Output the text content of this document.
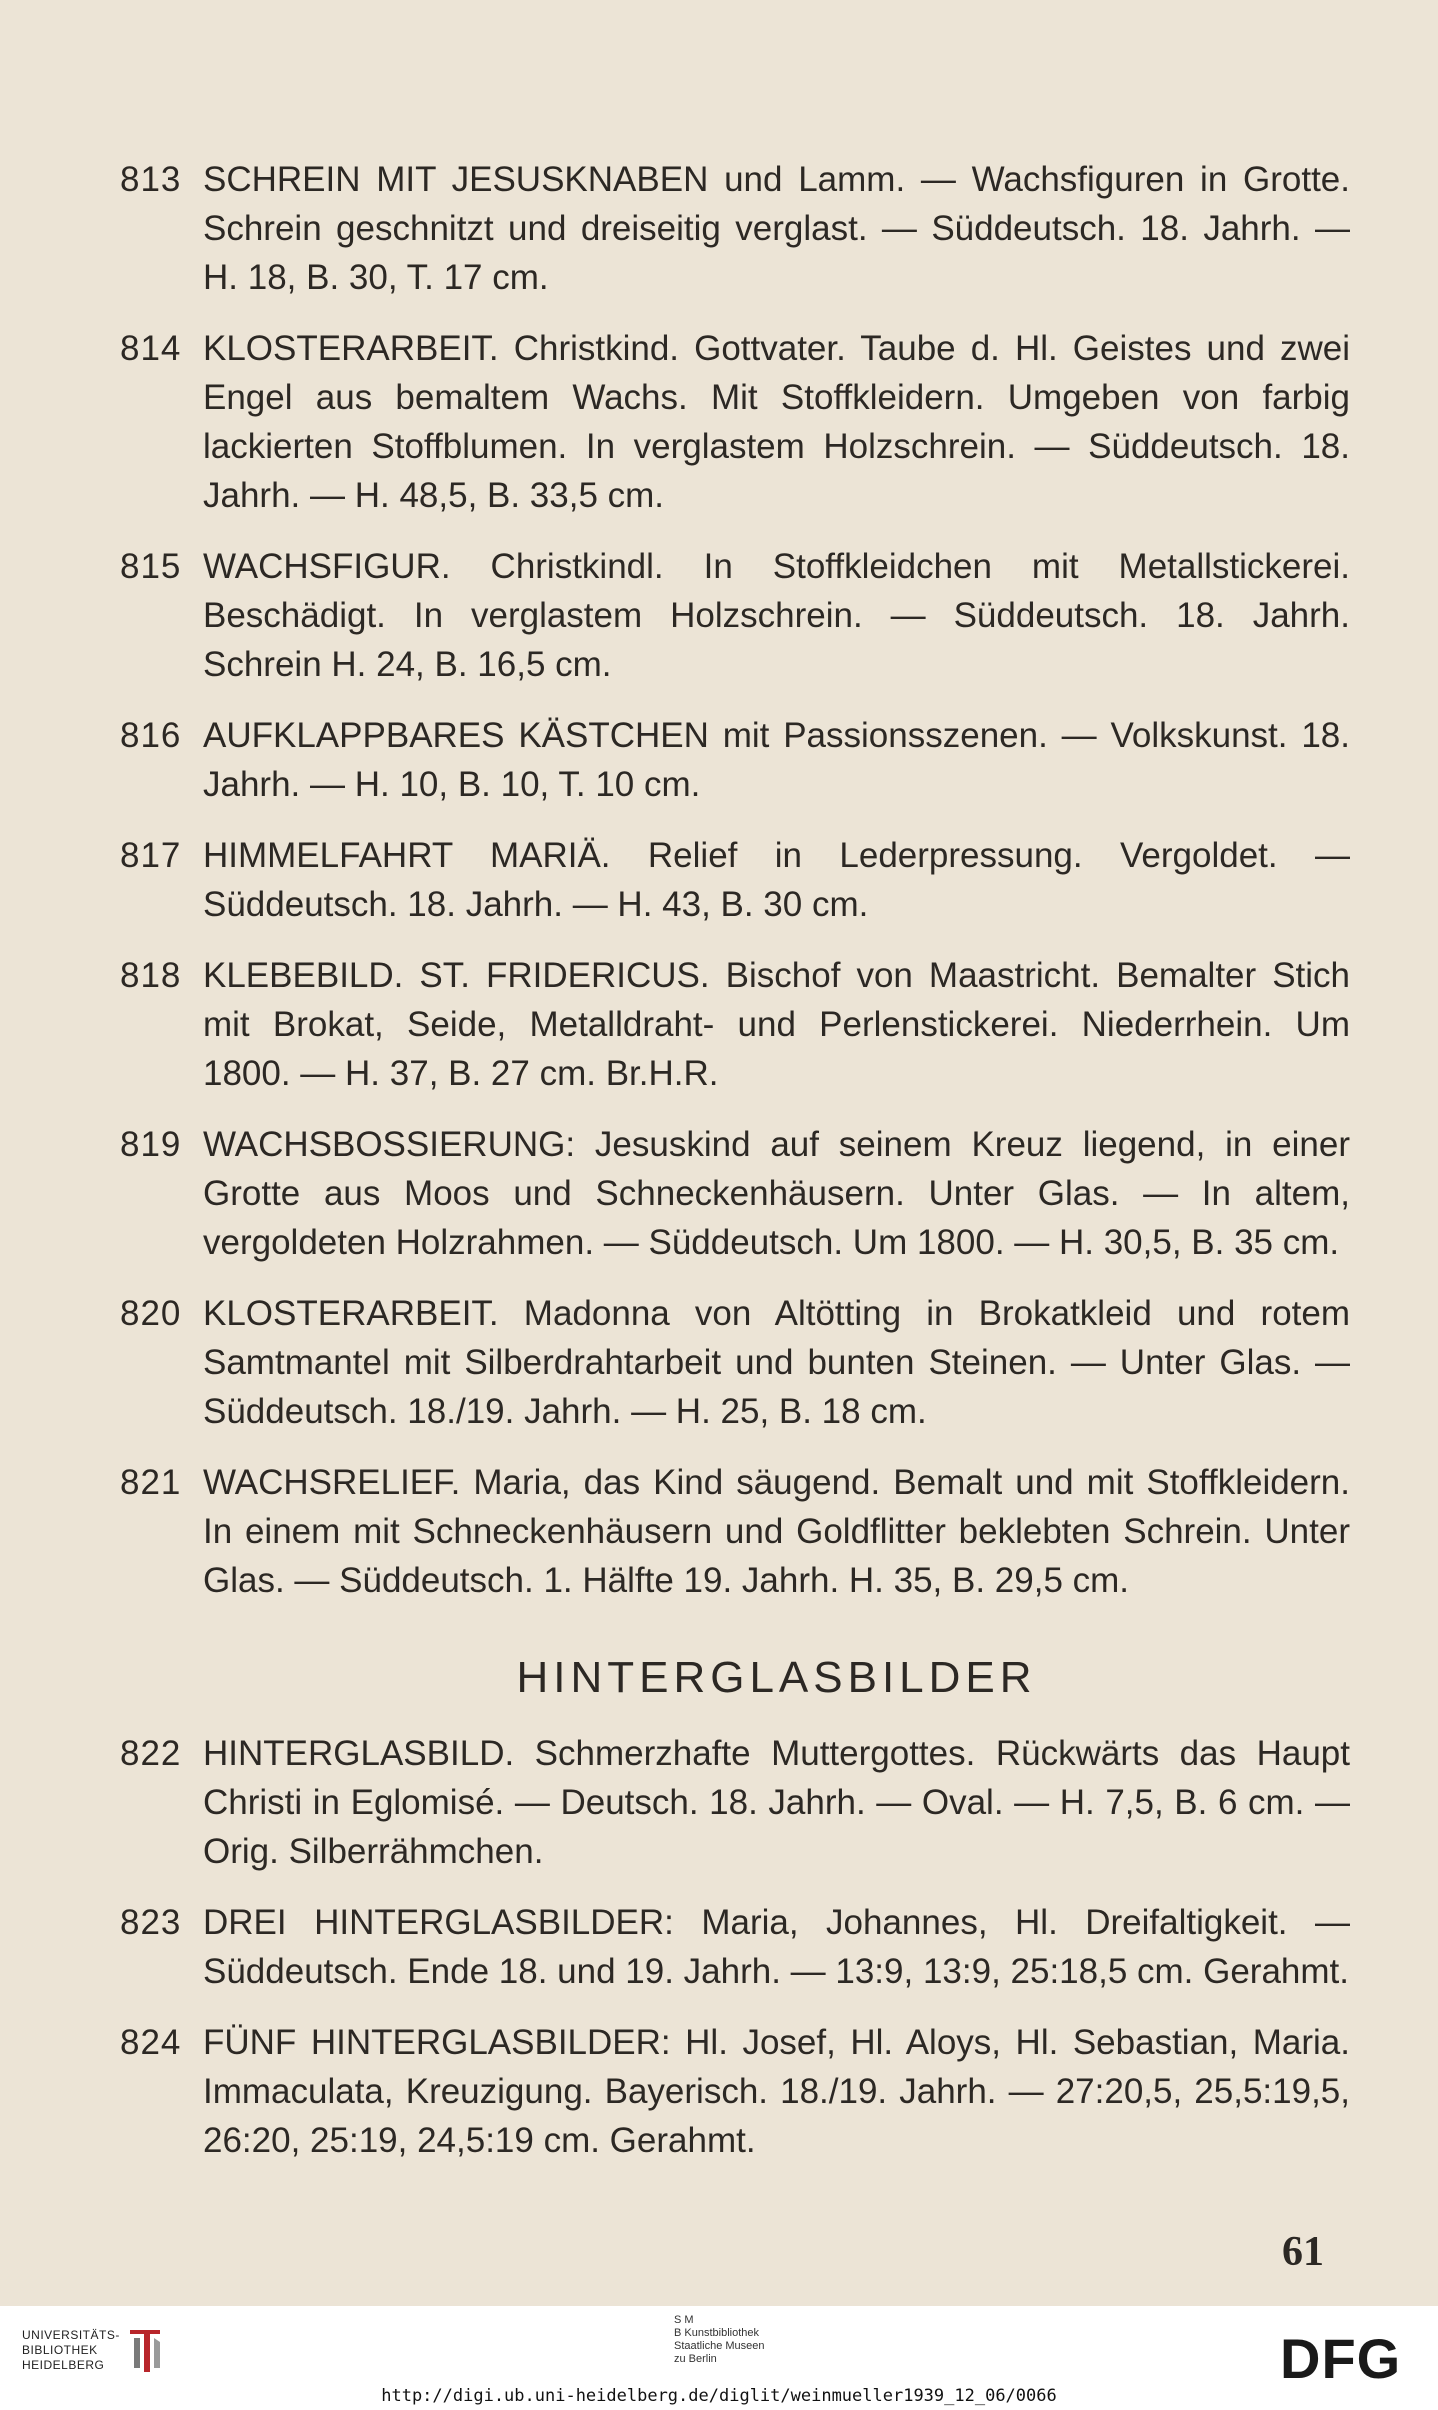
813 SCHREIN MIT JESUSKNABEN und Lamm. — Wachsfiguren in Grotte. Schrein geschnitzt und dreiseitig verglast. — Süddeutsch. 18. Jahrh. — H. 18, B. 30, T. 17 cm.
814 KLOSTERARBEIT. Christkind. Gottvater. Taube d. Hl. Geistes und zwei Engel aus bemaltem Wachs. Mit Stoffkleidern. Umgeben von farbig lackierten Stoffblumen. In verglastem Holzschrein. — Süddeutsch. 18. Jahrh. — H. 48,5, B. 33,5 cm.
815 WACHSFIGUR. Christkindl. In Stoffkleidchen mit Metallstickerei. Beschädigt. In verglastem Holzschrein. — Süddeutsch. 18. Jahrh. Schrein H. 24, B. 16,5 cm.
816 AUFKLAPPBARES KÄSTCHEN mit Passionsszenen. — Volkskunst. 18. Jahrh. — H. 10, B. 10, T. 10 cm.
817 HIMMELFAHRT MARIÄ. Relief in Lederpressung. Vergoldet. — Süddeutsch. 18. Jahrh. — H. 43, B. 30 cm.
818 KLEBEBILD. ST. FRIDERICUS. Bischof von Maastricht. Bemalter Stich mit Brokat, Seide, Metalldraht- und Perlenstickerei. Niederrhein. Um 1800. — H. 37, B. 27 cm. Br.H.R.
819 WACHSBOSSIERUNG: Jesuskind auf seinem Kreuz liegend, in einer Grotte aus Moos und Schneckenhäusern. Unter Glas. — In altem, vergoldeten Holzrahmen. — Süddeutsch. Um 1800. — H. 30,5, B. 35 cm.
820 KLOSTERARBEIT. Madonna von Altötting in Brokatkleid und rotem Samtmantel mit Silberdrahtarbeit und bunten Steinen. — Unter Glas. — Süddeutsch. 18./19. Jahrh. — H. 25, B. 18 cm.
821 WACHSRELIEF. Maria, das Kind säugend. Bemalt und mit Stoffkleidern. In einem mit Schneckenhäusern und Goldflitter beklebten Schrein. Unter Glas. — Süddeutsch. 1. Hälfte 19. Jahrh. H. 35, B. 29,5 cm.
HINTERGLASBILDER
822 HINTERGLASBILD. Schmerzhafte Muttergottes. Rückwärts das Haupt Christi in Eglomisé. — Deutsch. 18. Jahrh. — Oval. — H. 7,5, B. 6 cm. — Orig. Silberrähmchen.
823 DREI HINTERGLASBILDER: Maria, Johannes, Hl. Dreifaltigkeit. — Süddeutsch. Ende 18. und 19. Jahrh. — 13:9, 13:9, 25:18,5 cm. Gerahmt.
824 FÜNF HINTERGLASBILDER: Hl. Josef, Hl. Aloys, Hl. Sebastian, Maria. Immaculata, Kreuzigung. Bayerisch. 18./19. Jahrh. — 27:20,5, 25,5:19,5, 26:20, 25:19, 24,5:19 cm. Gerahmt.
61
UNIVERSITÄTS-
BIBLIOTHEK
HEIDELBERG
S M
B Kunstbibliothek
Staatliche Museen
zu Berlin	DFG
http://digi.ub.uni-heidelberg.de/diglit/weinmueller1939_12_06/0066
